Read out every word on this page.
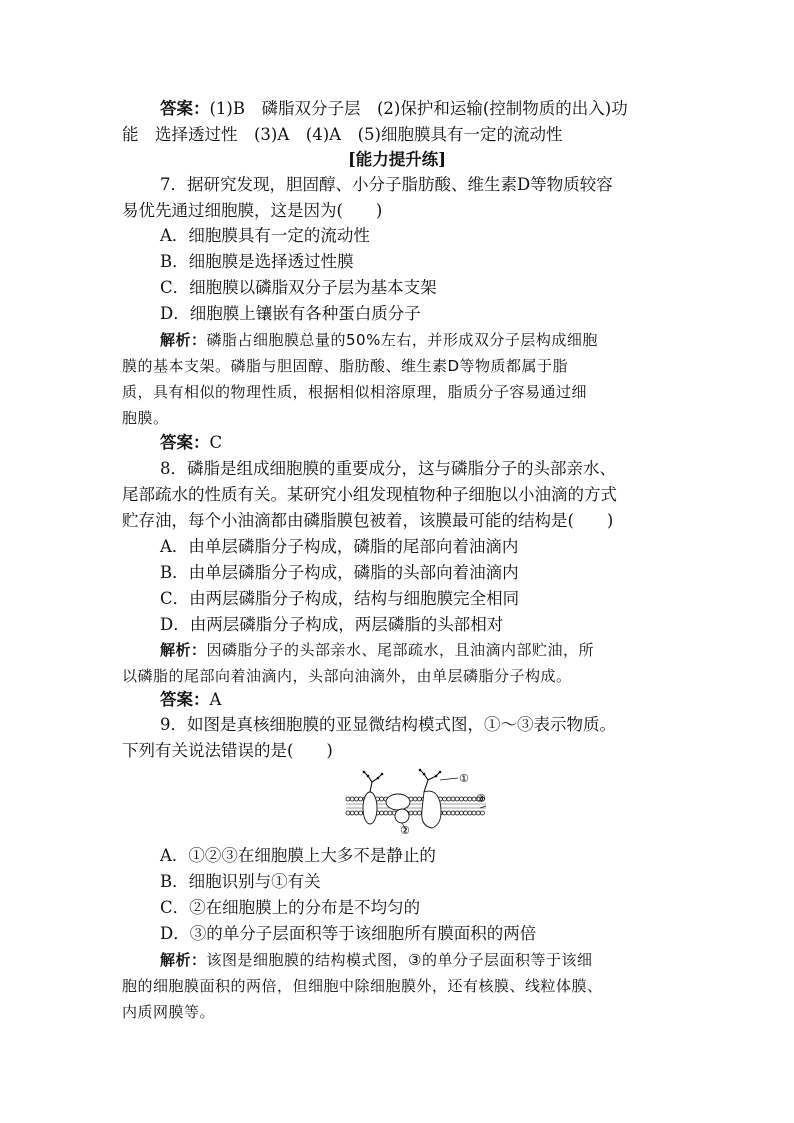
答案：(1)B　磷脂双分子层　(2)保护和运输(控制物质的出入)功
能　选择透过性　(3)A　(4)A　(5)细胞膜具有一定的流动性
[能力提升练]
7．据研究发现，胆固醇、小分子脂肪酸、维生素D等物质较容
易优先通过细胞膜，这是因为(　　)
A．细胞膜具有一定的流动性
B．细胞膜是选择透过性膜
C．细胞膜以磷脂双分子层为基本支架
D．细胞膜上镶嵌有各种蛋白质分子
解析：磷脂占细胞膜总量的50%左右，并形成双分子层构成细胞
膜的基本支架。磷脂与胆固醇、脂肪酸、维生素D等物质都属于脂
质，具有相似的物理性质，根据相似相溶原理，脂质分子容易通过细
胞膜。
答案：C
8．磷脂是组成细胞膜的重要成分，这与磷脂分子的头部亲水、
尾部疏水的性质有关。某研究小组发现植物种子细胞以小油滴的方式
贮存油，每个小油滴都由磷脂膜包被着，该膜最可能的结构是(　　)
A．由单层磷脂分子构成，磷脂的尾部向着油滴内
B．由单层磷脂分子构成，磷脂的头部向着油滴内
C．由两层磷脂分子构成，结构与细胞膜完全相同
D．由两层磷脂分子构成，两层磷脂的头部相对
解析：因磷脂分子的头部亲水、尾部疏水，且油滴内部贮油，所
以磷脂的尾部向着油滴内，头部向油滴外，由单层磷脂分子构成。
答案：A
9．如图是真核细胞膜的亚显微结构模式图，①～③表示物质。
下列有关说法错误的是(　　)
①
③
②
A．①②③在细胞膜上大多不是静止的
B．细胞识别与①有关
C．②在细胞膜上的分布是不均匀的
D．③的单分子层面积等于该细胞所有膜面积的两倍
解析：该图是细胞膜的结构模式图，③的单分子层面积等于该细
胞的细胞膜面积的两倍，但细胞中除细胞膜外，还有核膜、线粒体膜、
内质网膜等。
